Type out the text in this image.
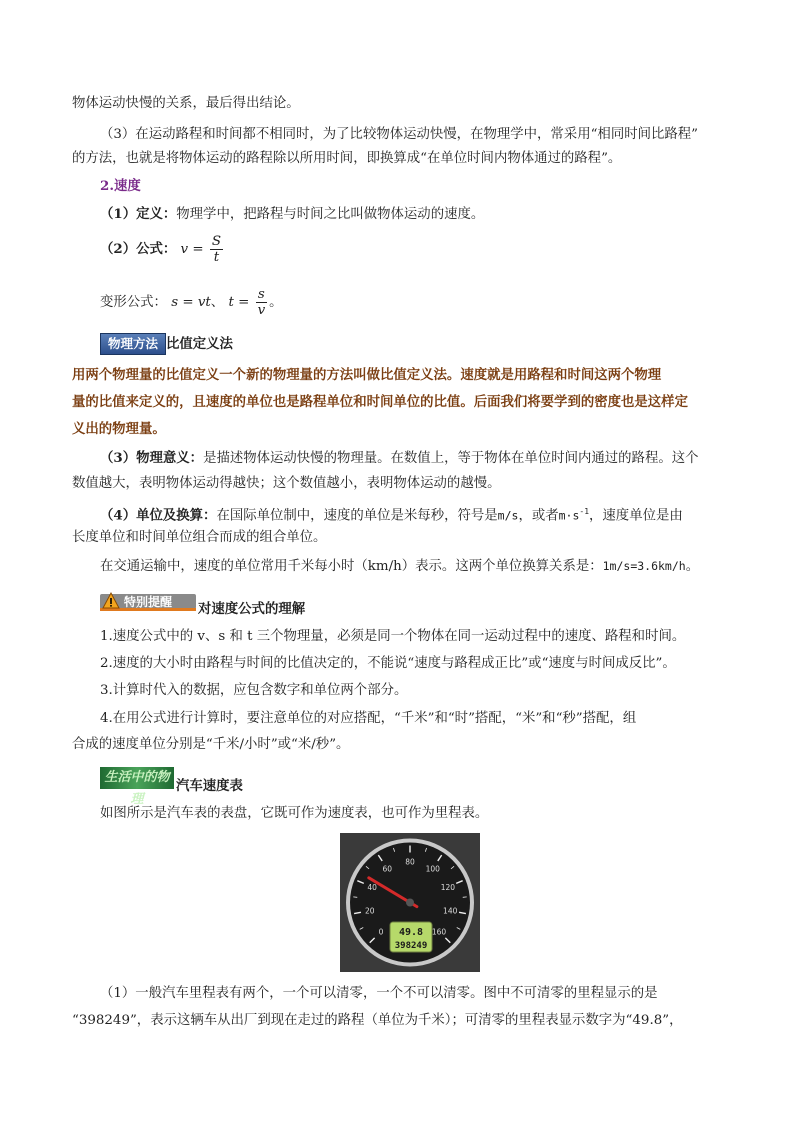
物体运动快慢的关系，最后得出结论。
（3）在运动路程和时间都不相同时，为了比较物体运动快慢，在物理学中，常采用“相同时间比路程”
的方法，也就是将物体运动的路程除以所用时间，即换算成“在单位时间内物体通过的路程”。
2.速度
（1）定义：物理学中，把路程与时间之比叫做物体运动的速度。
（2）公式： $v = \frac{S}{t}$
变形公式： s = vt、 $t = \frac{s}{v}$ 。
物理方法 比值定义法
用两个物理量的比值定义一个新的物理量的方法叫做比值定义法。速度就是用路程和时间这两个物理
量的比值来定义的，且速度的单位也是路程单位和时间单位的比值。后面我们将要学到的密度也是这样定
义出的物理量。
（3）物理意义：是描述物体运动快慢的物理量。在数值上，等于物体在单位时间内通过的路程。这个
数值越大，表明物体运动得越快；这个数值越小，表明物体运动的越慢。
（4）单位及换算：在国际单位制中，速度的单位是米每秒，符号是m/s，或者$m\cdot s^{-1}$，速度单位是由
长度单位和时间单位组合而成的组合单位。
在交通运输中，速度的单位常用千米每小时（km/h）表示。这两个单位换算关系是：1m/s=3.6km/h。
特别提醒 对速度公式的理解
1.速度公式中的 v、s 和 t 三个物理量，必须是同一个物体在同一运动过程中的速度、路程和时间。
2.速度的大小时由路程与时间的比值决定的，不能说“速度与路程成正比”或“速度与时间成反比”。
3.计算时代入的数据，应包含数字和单位两个部分。
4.在用公式进行计算时，要注意单位的对应搭配，“千米”和“时”搭配，“米”和“秒”搭配，组
合成的速度单位分别是“千米/小时”或“米/秒”。
生活中的物理
汽车速度表
如图所示是汽车表的表盘，它既可作为速度表，也可作为里程表。
0
20
40
60
80
100
120
140
160
49.8
398249
（1）一般汽车里程表有两个，一个可以清零，一个不可以清零。图中不可清零的里程显示的是
“398249”，表示这辆车从出厂到现在走过的路程（单位为千米）；可清零的里程表显示数字为“49.8”，
